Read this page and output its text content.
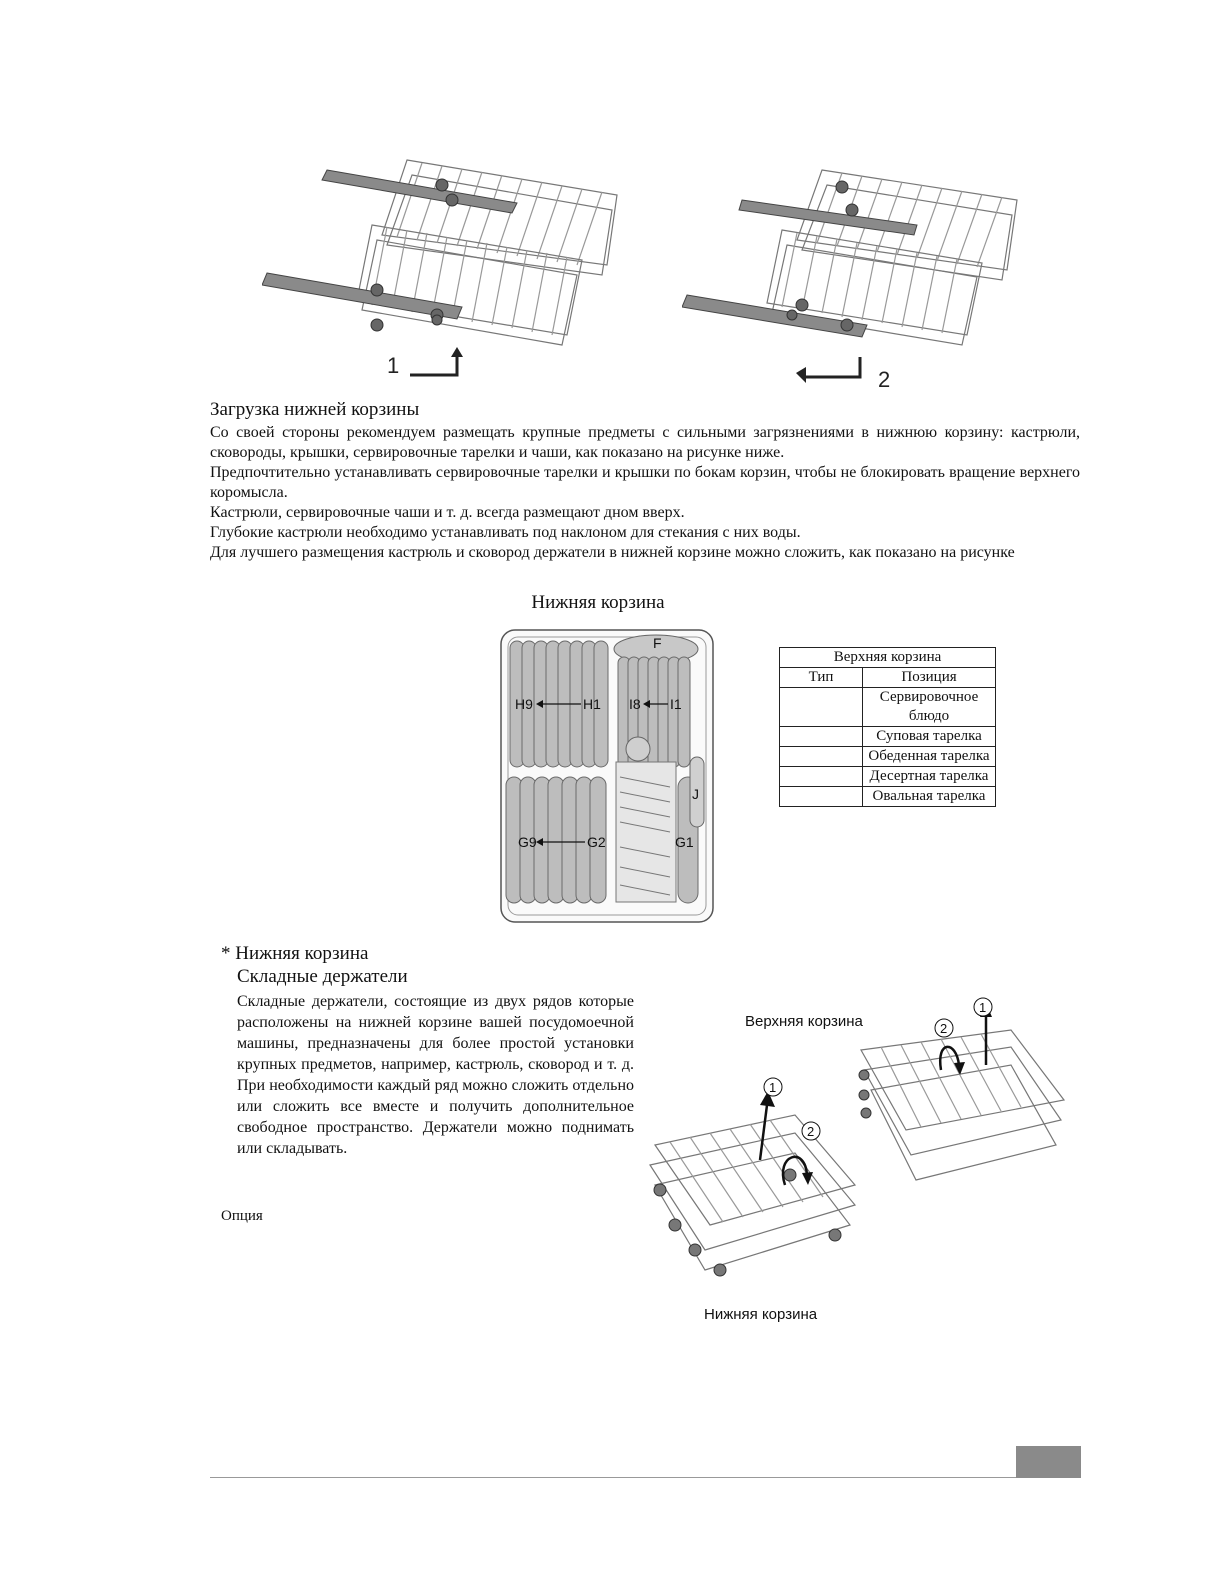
1
2
Загрузка нижней корзины
Со своей стороны рекомендуем размещать крупные предметы с сильными загрязнениями в нижнюю корзину: кастрюли, сковороды, крышки, сервировочные тарелки и чаши, как показано на рисунке ниже.
Предпочтительно устанавливать сервировочные тарелки и крышки по бокам корзин, чтобы не блокировать вращение верхнего коромысла.
Кастрюли, сервировочные чаши и т. д. всегда размещают дном вверх.
Глубокие кастрюли необходимо устанавливать под наклоном для стекания с них воды.
Для лучшего размещения кастрюль и сковород держатели в нижней корзине можно сложить, как показано на рисунке
Нижняя корзина
F
H9	H1 I8 I1
J
G9	G2	G1
Верхняя корзина	
Тип	Позиция
	Сервировочное блюдо
	Суповая тарелка
	Обеденная тарелка
	Десертная тарелка
	Овальная тарелка
* Нижняя корзина
Складные держатели
Складные держатели, состоящие из двух рядов которые расположены на нижней корзине вашей посудомоечной машины, предназначены для более простой установки крупных предметов, например, кастрюль, сковород и т. д. При необходимости каждый ряд можно сложить отдельно или сложить все вместе и получить дополнительное свободное пространство. Держатели можно поднимать или складывать.
Опция
Верхняя корзина
Нижняя корзина
1
2
1
2
